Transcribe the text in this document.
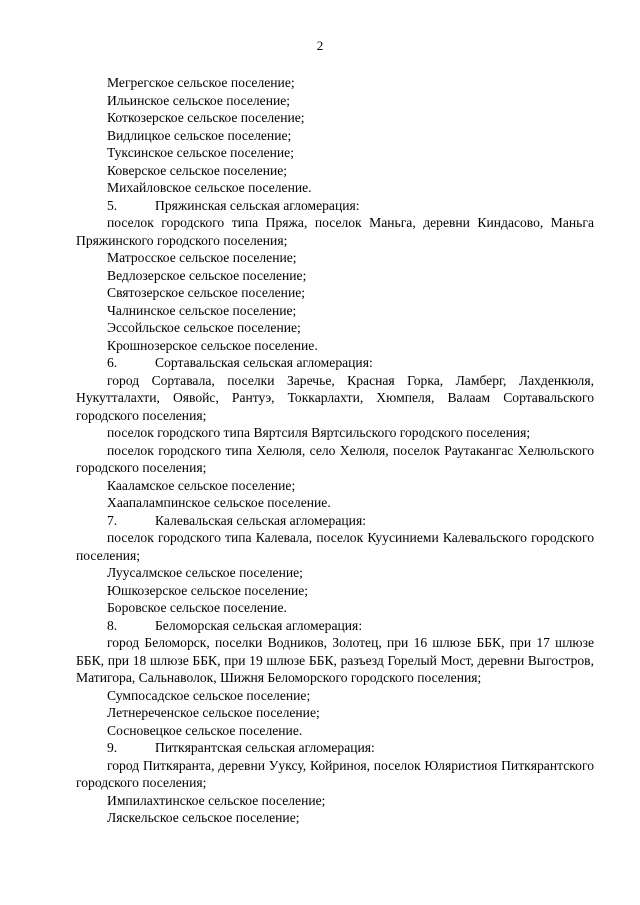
2
Мегрегское сельское поселение;
Ильинское сельское поселение;
Коткозерское сельское поселение;
Видлицкое сельское поселение;
Туксинское сельское поселение;
Коверское сельское поселение;
Михайловское сельское поселение.
5.	Пряжинская сельская агломерация:
поселок городского типа Пряжа, поселок Маньга, деревни Киндасово, Маньга Пряжинского городского поселения;
Матросское сельское поселение;
Ведлозерское сельское поселение;
Святозерское сельское поселение;
Чалнинское сельское поселение;
Эссойльское сельское поселение;
Крошнозерское сельское поселение.
6.	Сортавальская сельская агломерация:
город Сортавала, поселки Заречье, Красная Горка, Ламберг, Лахденкюля, Нукутталахти, Оявойс, Рантуэ, Токкарлахти, Хюмпеля, Валаам Сортавальского городского поселения;
поселок городского типа Вяртсиля Вяртсильского городского поселения;
поселок городского типа Хелюля, село Хелюля, поселок Раутакангас Хелюльского городского поселения;
Кааламское сельское поселение;
Хаапалампинское сельское поселение.
7.	Калевальская сельская агломерация:
поселок городского типа Калевала, поселок Куусиниеми Калевальского городского поселения;
Луусалмское сельское поселение;
Юшкозерское сельское поселение;
Боровское сельское поселение.
8.	Беломорская сельская агломерация:
город Беломорск, поселки Водников, Золотец, при 16 шлюзе ББК, при 17 шлюзе ББК, при 18 шлюзе ББК, при 19 шлюзе ББК, разъезд Горелый Мост, деревни Выгостров, Матигора, Сальнаволок, Шижня Беломорского городского поселения;
Сумпосадское сельское поселение;
Летнереченское сельское поселение;
Сосновецкое сельское поселение.
9.	Питкярантская сельская агломерация:
город Питкяранта, деревни Ууксу, Койриноя, поселок Юляристиоя Питкярантского городского поселения;
Импилахтинское сельское поселение;
Ляскельское сельское поселение;
